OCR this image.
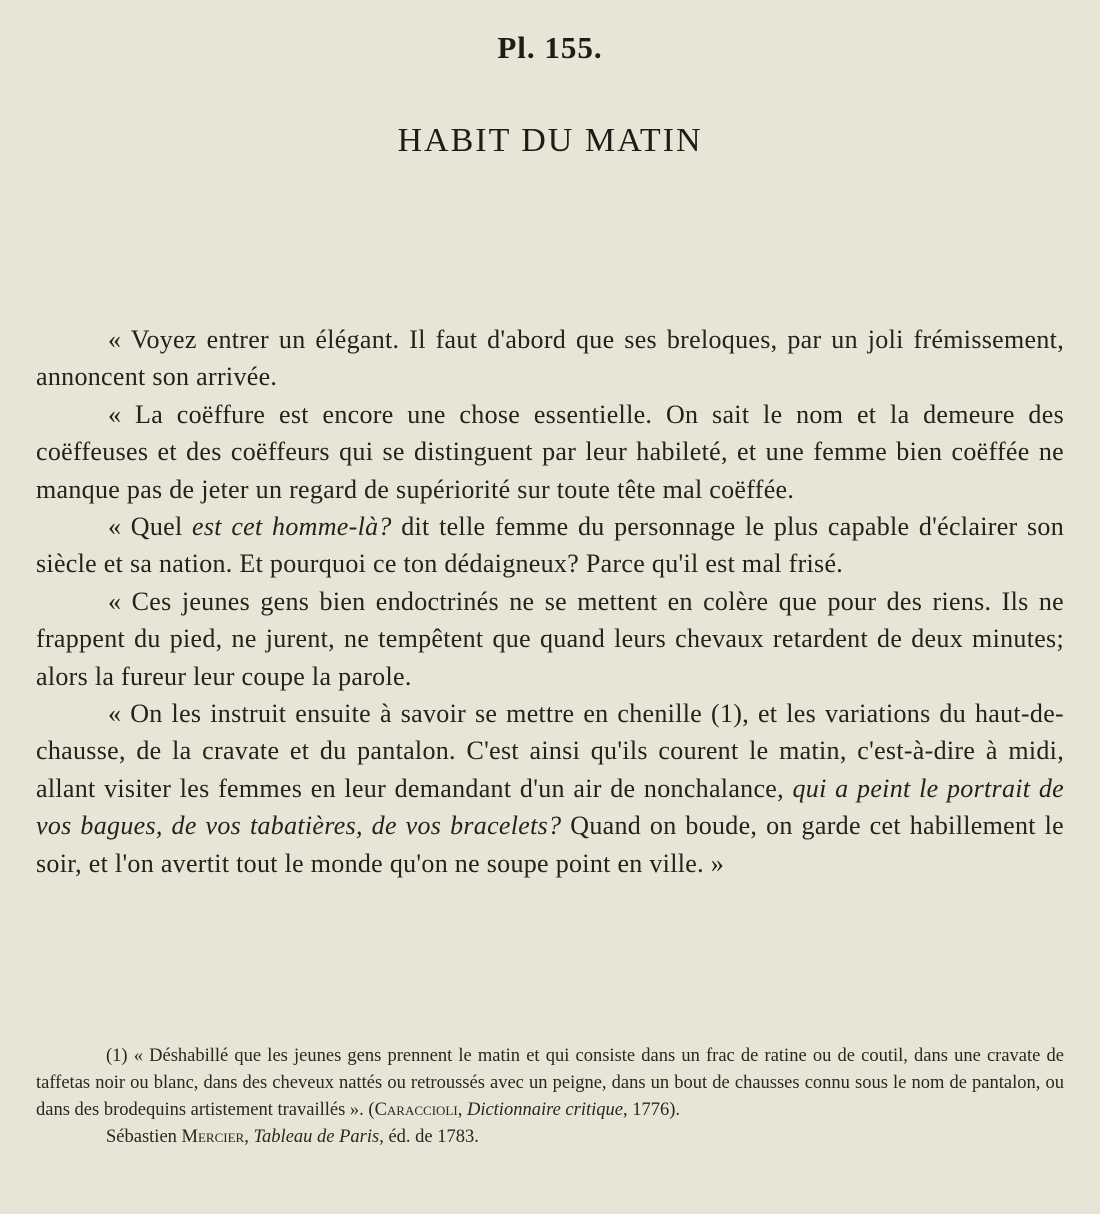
Pl. 155.
HABIT DU MATIN

« Voyez entrer un élégant. Il faut d'abord que ses breloques, par un joli frémissement, annoncent son arrivée.

« La coëffure est encore une chose essentielle. On sait le nom et la demeure des coëffeuses et des coëffeurs qui se distinguent par leur habileté, et une femme bien coëffée ne manque pas de jeter un regard de supériorité sur toute tête mal coëffée.

« Quel est cet homme-là? dit telle femme du personnage le plus capable d'éclairer son siècle et sa nation. Et pourquoi ce ton dédaigneux? Parce qu'il est mal frisé.

« Ces jeunes gens bien endoctrinés ne se mettent en colère que pour des riens. Ils ne frappent du pied, ne jurent, ne tempêtent que quand leurs chevaux retardent de deux minutes; alors la fureur leur coupe la parole.

« On les instruit ensuite à savoir se mettre en chenille (1), et les variations du haut-de-chausse, de la cravate et du pantalon. C'est ainsi qu'ils courent le matin, c'est-à-dire à midi, allant visiter les femmes en leur demandant d'un air de nonchalance, qui a peint le portrait de vos bagues, de vos tabatières, de vos bracelets? Quand on boude, on garde cet habillement le soir, et l'on avertit tout le monde qu'on ne soupe point en ville. »

(1) « Déshabillé que les jeunes gens prennent le matin et qui consiste dans un frac de ratine ou de coutil, dans une cravate de taffetas noir ou blanc, dans des cheveux nattés ou retroussés avec un peigne, dans un bout de chausses connu sous le nom de pantalon, ou dans des brodequins artistement travaillés ». (Caraccioli, Dictionnaire critique, 1776).

Sébastien Mercier, Tableau de Paris, éd. de 1783.
